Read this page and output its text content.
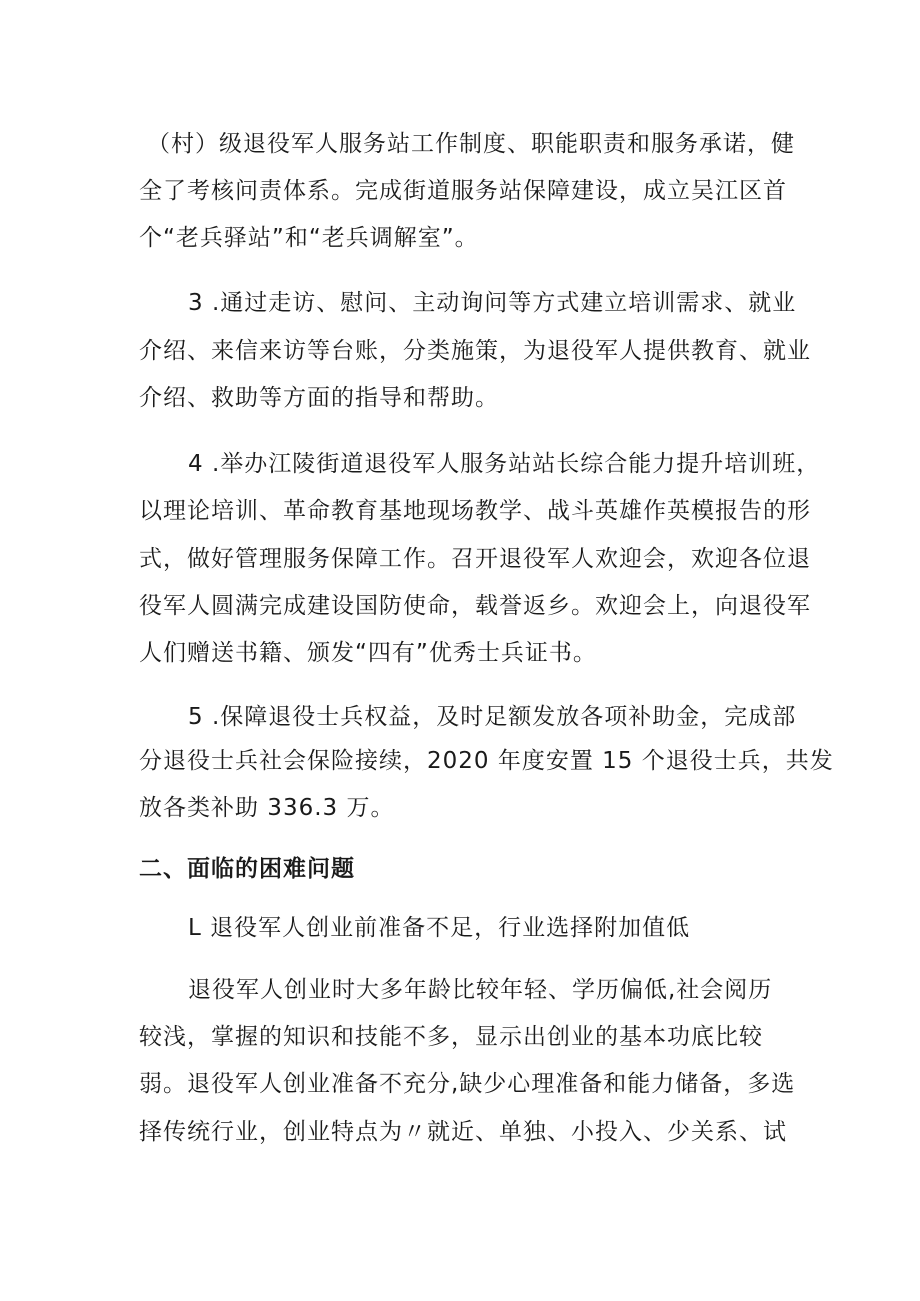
（村）级退役军人服务站工作制度、职能职责和服务承诺，健
全了考核问责体系。完成街道服务站保障建设，成立吴江区首
个“老兵驿站”和“老兵调解室”。
3 .通过走访、慰问、主动询问等方式建立培训需求、就业
介绍、来信来访等台账，分类施策，为退役军人提供教育、就业
介绍、救助等方面的指导和帮助。
4 .举办江陵街道退役军人服务站站长综合能力提升培训班，
以理论培训、革命教育基地现场教学、战斗英雄作英模报告的形
式，做好管理服务保障工作。召开退役军人欢迎会，欢迎各位退
役军人圆满完成建设国防使命，载誉返乡。欢迎会上，向退役军
人们赠送书籍、颁发“四有”优秀士兵证书。
5 .保障退役士兵权益，及时足额发放各项补助金，完成部
分退役士兵社会保险接续，2020 年度安置 15 个退役士兵，共发
放各类补助 336.3 万。
二、面临的困难问题
L 退役军人创业前准备不足，行业选择附加值低
退役军人创业时大多年龄比较年轻、学历偏低,社会阅历
较浅，掌握的知识和技能不多，显示出创业的基本功底比较
弱。退役军人创业准备不充分,缺少心理准备和能力储备，多选
择传统行业，创业特点为〃就近、单独、小投入、少关系、试
